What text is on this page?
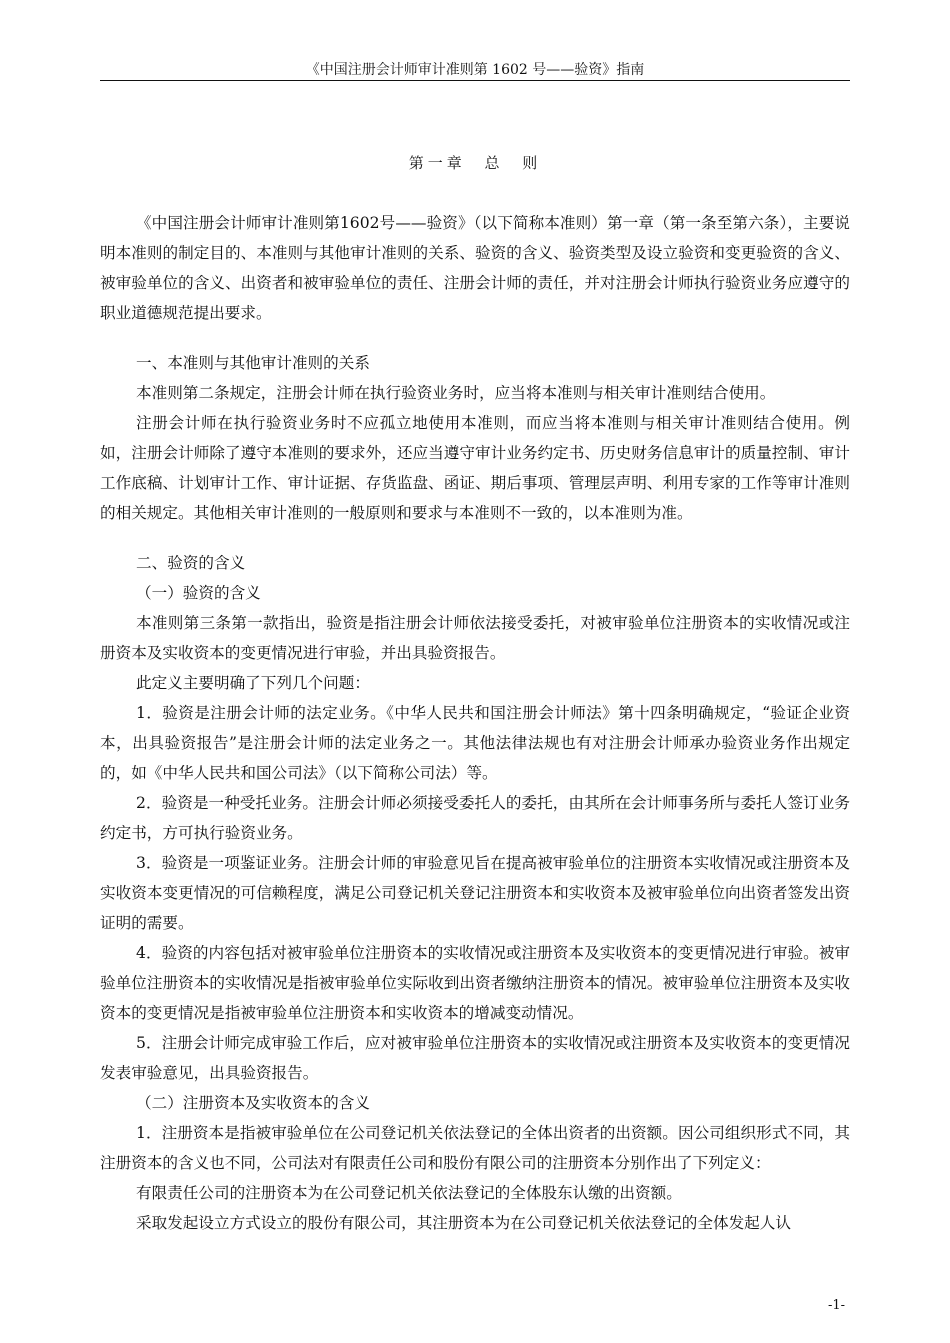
《中国注册会计师审计准则第 1602 号——验资》指南
第一章 总 则

《中国注册会计师审计准则第1602号——验资》（以下简称本准则）第一章（第一条至第六条），主要说明本准则的制定目的、本准则与其他审计准则的关系、验资的含义、验资类型及设立验资和变更验资的含义、被审验单位的含义、出资者和被审验单位的责任、注册会计师的责任，并对注册会计师执行验资业务应遵守的职业道德规范提出要求。

一、本准则与其他审计准则的关系

本准则第二条规定，注册会计师在执行验资业务时，应当将本准则与相关审计准则结合使用。

注册会计师在执行验资业务时不应孤立地使用本准则，而应当将本准则与相关审计准则结合使用。例如，注册会计师除了遵守本准则的要求外，还应当遵守审计业务约定书、历史财务信息审计的质量控制、审计工作底稿、计划审计工作、审计证据、存货监盘、函证、期后事项、管理层声明、利用专家的工作等审计准则的相关规定。其他相关审计准则的一般原则和要求与本准则不一致的，以本准则为准。

二、验资的含义

（一）验资的含义

本准则第三条第一款指出，验资是指注册会计师依法接受委托，对被审验单位注册资本的实收情况或注册资本及实收资本的变更情况进行审验，并出具验资报告。

此定义主要明确了下列几个问题：

1．验资是注册会计师的法定业务。《中华人民共和国注册会计师法》第十四条明确规定，“验证企业资本，出具验资报告”是注册会计师的法定业务之一。其他法律法规也有对注册会计师承办验资业务作出规定的，如《中华人民共和国公司法》（以下简称公司法）等。

2．验资是一种受托业务。注册会计师必须接受委托人的委托，由其所在会计师事务所与委托人签订业务约定书，方可执行验资业务。

3．验资是一项鉴证业务。注册会计师的审验意见旨在提高被审验单位的注册资本实收情况或注册资本及实收资本变更情况的可信赖程度，满足公司登记机关登记注册资本和实收资本及被审验单位向出资者签发出资证明的需要。

4．验资的内容包括对被审验单位注册资本的实收情况或注册资本及实收资本的变更情况进行审验。被审验单位注册资本的实收情况是指被审验单位实际收到出资者缴纳注册资本的情况。被审验单位注册资本及实收资本的变更情况是指被审验单位注册资本和实收资本的增减变动情况。

5．注册会计师完成审验工作后，应对被审验单位注册资本的实收情况或注册资本及实收资本的变更情况发表审验意见，出具验资报告。

（二）注册资本及实收资本的含义

1．注册资本是指被审验单位在公司登记机关依法登记的全体出资者的出资额。因公司组织形式不同，其注册资本的含义也不同，公司法对有限责任公司和股份有限公司的注册资本分别作出了下列定义：

有限责任公司的注册资本为在公司登记机关依法登记的全体股东认缴的出资额。

采取发起设立方式设立的股份有限公司，其注册资本为在公司登记机关依法登记的全体发起人认

-1-
